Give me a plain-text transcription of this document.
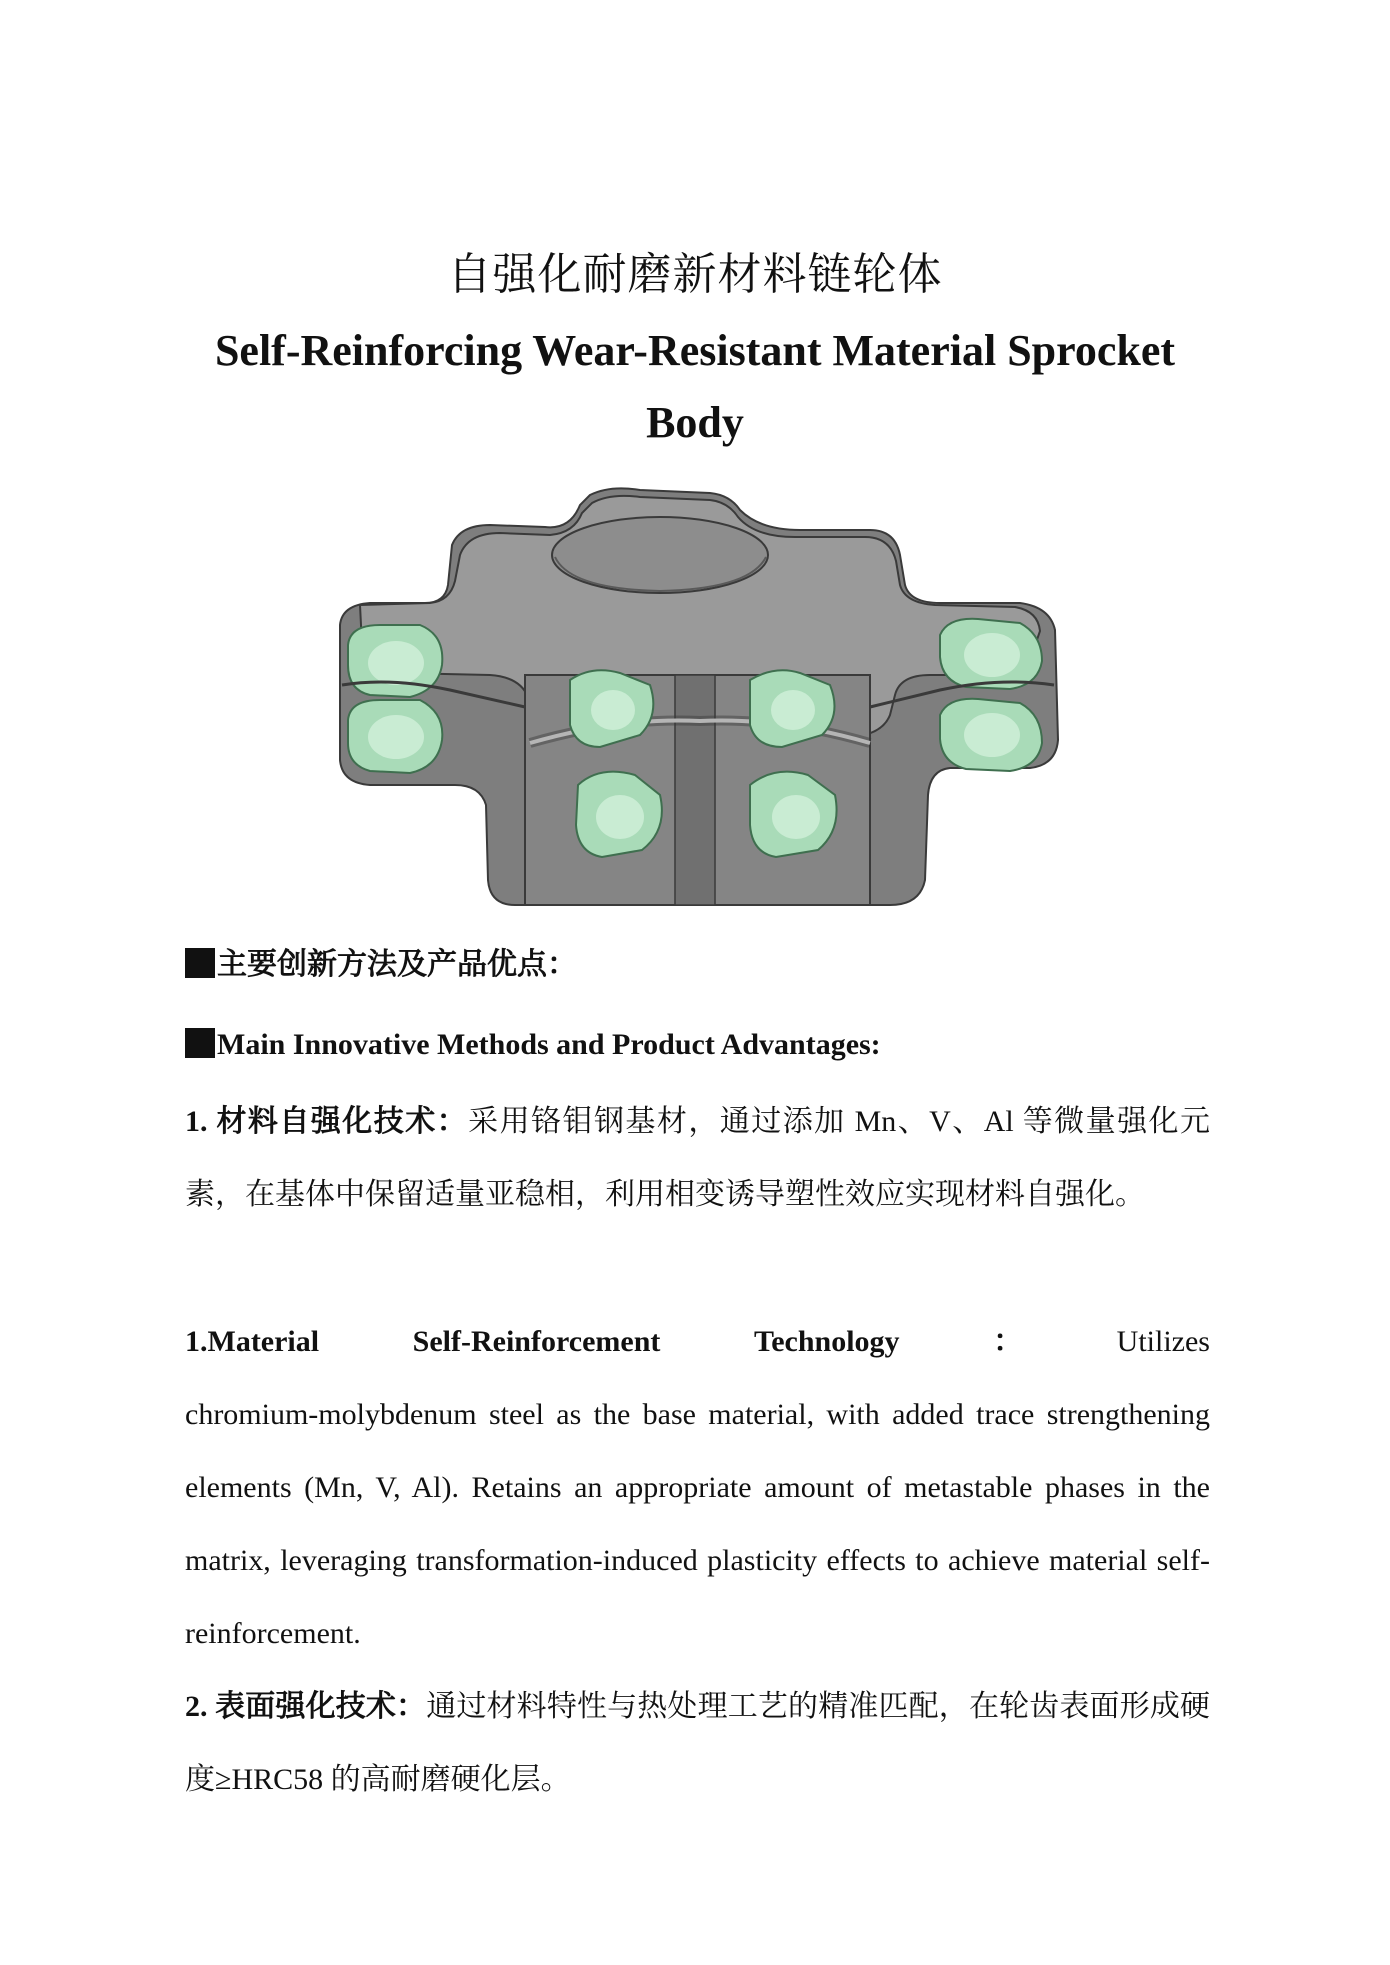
自强化耐磨新材料链轮体
Self-Reinforcing Wear-Resistant Material Sprocket Body
主要创新方法及产品优点：
Main Innovative Methods and Product Advantages:
1. 材料自强化技术：采用铬钼钢基材，通过添加 Mn、V、Al 等微量强化元素，在基体中保留适量亚稳相，利用相变诱导塑性效应实现材料自强化。
1.Material	Self-Reinforcement	Technology	：	Utilizes
chromium-molybdenum steel as the base material, with added trace strengthening elements (Mn, V, Al). Retains an appropriate amount of metastable phases in the matrix, leveraging transformation-induced plasticity effects to achieve material self-reinforcement.
2. 表面强化技术：通过材料特性与热处理工艺的精准匹配，在轮齿表面形成硬度≥HRC58 的高耐磨硬化层。
